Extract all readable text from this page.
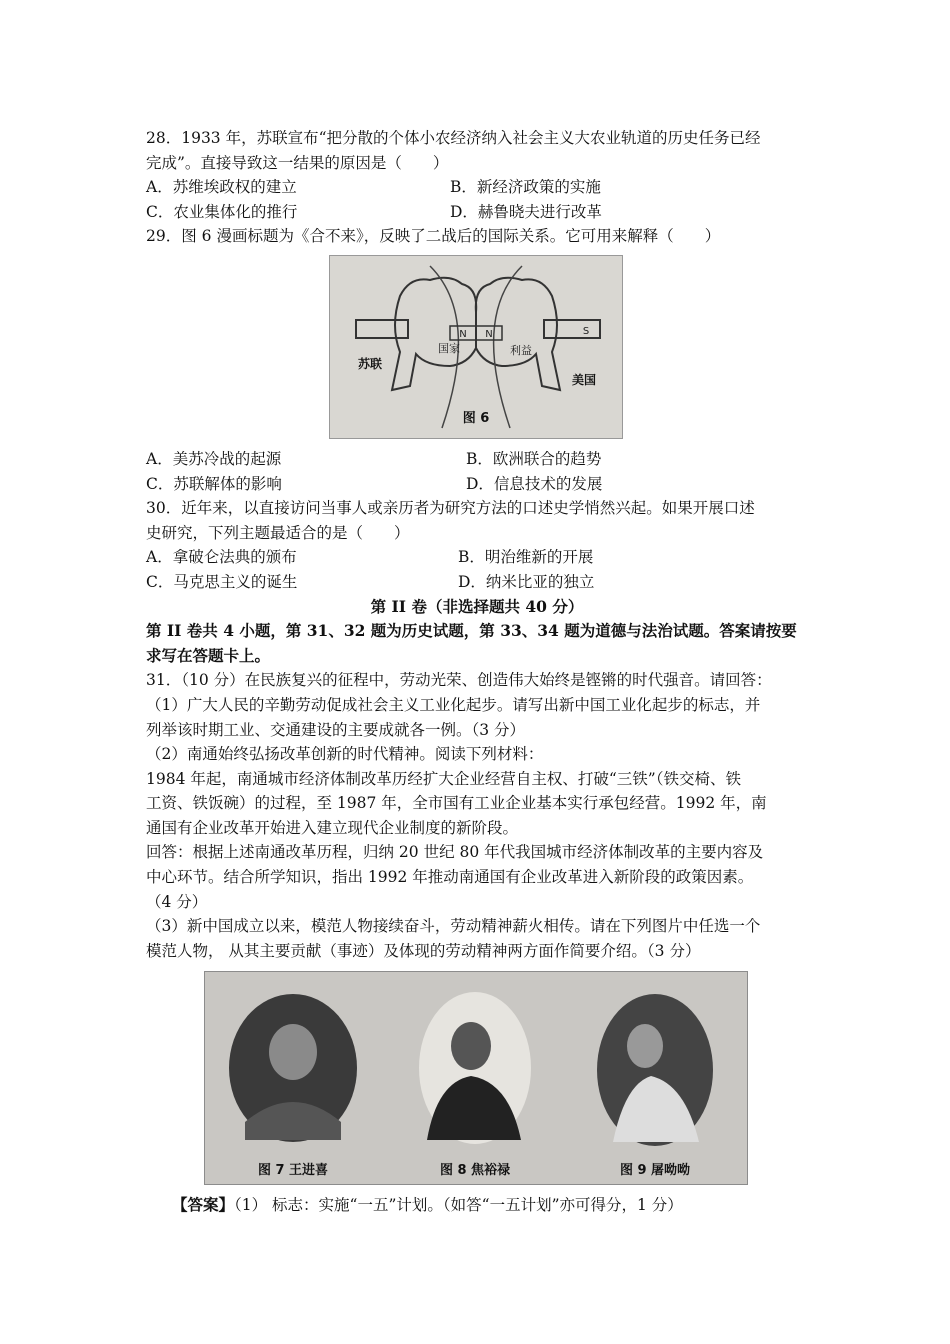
28．1933 年，苏联宣布“把分散的个体小农经济纳入社会主义大农业轨道的历史任务已经
完成”。直接导致这一结果的原因是（　　）
A．苏维埃政权的建立	B．新经济政策的实施
C．农业集体化的推行	D．赫鲁晓夫进行改革
29．图 6 漫画标题为《合不来》，反映了二战后的国际关系。它可用来解释（　　）
N N	S
国家	利益
苏联
美国
图 6
A．美苏冷战的起源	B．欧洲联合的趋势
C．苏联解体的影响	D．信息技术的发展
30．近年来，以直接访问当事人或亲历者为研究方法的口述史学悄然兴起。如果开展口述
史研究，下列主题最适合的是（　　）
A．拿破仑法典的颁布	B．明治维新的开展
C．马克思主义的诞生	D．纳米比亚的独立
第 II 卷（非选择题共 40 分）
第 II 卷共 4 小题，第 31、32 题为历史试题，第 33、34 题为道德与法治试题。答案请按要
求写在答题卡上。
31．（10 分）在民族复兴的征程中，劳动光荣、创造伟大始终是铿锵的时代强音。请回答：
（1）广大人民的辛勤劳动促成社会主义工业化起步。请写出新中国工业化起步的标志，并
列举该时期工业、交通建设的主要成就各一例。（3 分）
（2）南通始终弘扬改革创新的时代精神。阅读下列材料：
1984 年起，南通城市经济体制改革历经扩大企业经营自主权、打破“三铁”（铁交椅、铁
工资、铁饭碗）的过程，至 1987 年，全市国有工业企业基本实行承包经营。1992 年，南
通国有企业改革开始进入建立现代企业制度的新阶段。
回答：根据上述南通改革历程，归纳 20 世纪 80 年代我国城市经济体制改革的主要内容及
中心环节。结合所学知识，指出 1992 年推动南通国有企业改革进入新阶段的政策因素。
（4 分）
（3）新中国成立以来，模范人物接续奋斗，劳动精神薪火相传。请在下列图片中任选一个
模范人物， 从其主要贡献（事迹）及体现的劳动精神两方面作简要介绍。（3 分）
图 7 王进喜	图 8 焦裕禄	图 9 屠呦呦
【答案】（1） 标志：实施“一五”计划。（如答“一五计划”亦可得分，1 分）
